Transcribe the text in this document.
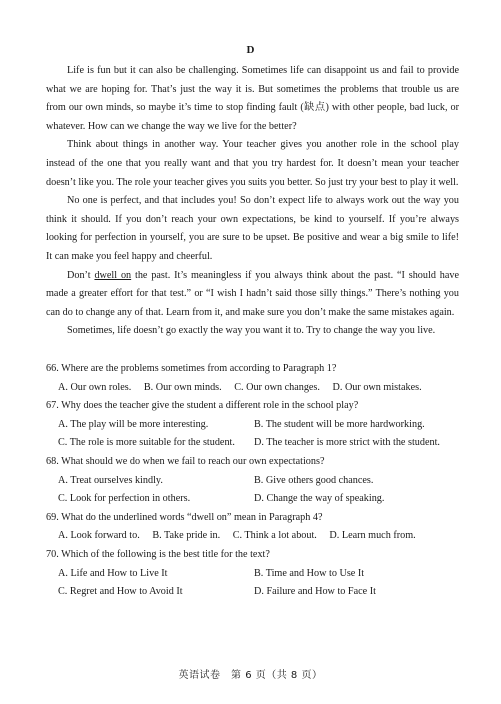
D

Life is fun but it can also be challenging. Sometimes life can disappoint us and fail to provide what we are hoping for. That’s just the way it is. But sometimes the problems that trouble us are from our own minds, so maybe it’s time to stop finding fault (缺点) with other people, bad luck, or whatever. How can we change the way we live for the better?

Think about things in another way. Your teacher gives you another role in the school play instead of the one that you really want and that you try hardest for. It doesn’t mean your teacher doesn’t like you. The role your teacher gives you suits you better. So just try your best to play it well.

No one is perfect, and that includes you! So don’t expect life to always work out the way you think it should. If you don’t reach your own expectations, be kind to yourself. If you’re always looking for perfection in yourself, you are sure to be upset. Be positive and wear a big smile to life! It can make you feel happy and cheerful.

Don’t dwell on the past. It’s meaningless if you always think about the past. “I should have made a greater effort for that test.” or “I wish I hadn’t said those silly things.” There’s nothing you can do to change any of that. Learn from it, and make sure you don’t make the same mistakes again.

Sometimes, life doesn’t go exactly the way you want it to. Try to change the way you live.

66. Where are the problems sometimes from according to Paragraph 1?
A. Our own roles. B. Our own minds. C. Our own changes. D. Our own mistakes.
67. Why does the teacher give the student a different role in the school play?
A. The play will be more interesting.	B. The student will be more hardworking.
C. The role is more suitable for the student.	D. The teacher is more strict with the student.
68. What should we do when we fail to reach our own expectations?
A. Treat ourselves kindly.	B. Give others good chances.
C. Look for perfection in others.	D. Change the way of speaking.
69. What do the underlined words “dwell on” mean in Paragraph 4?
A. Look forward to. B. Take pride in. C. Think a lot about. D. Learn much from.
70. Which of the following is the best title for the text?
A. Life and How to Live It	B. Time and How to Use It
C. Regret and How to Avoid It	D. Failure and How to Face It
英语试卷　第 6 页（共 8 页）
